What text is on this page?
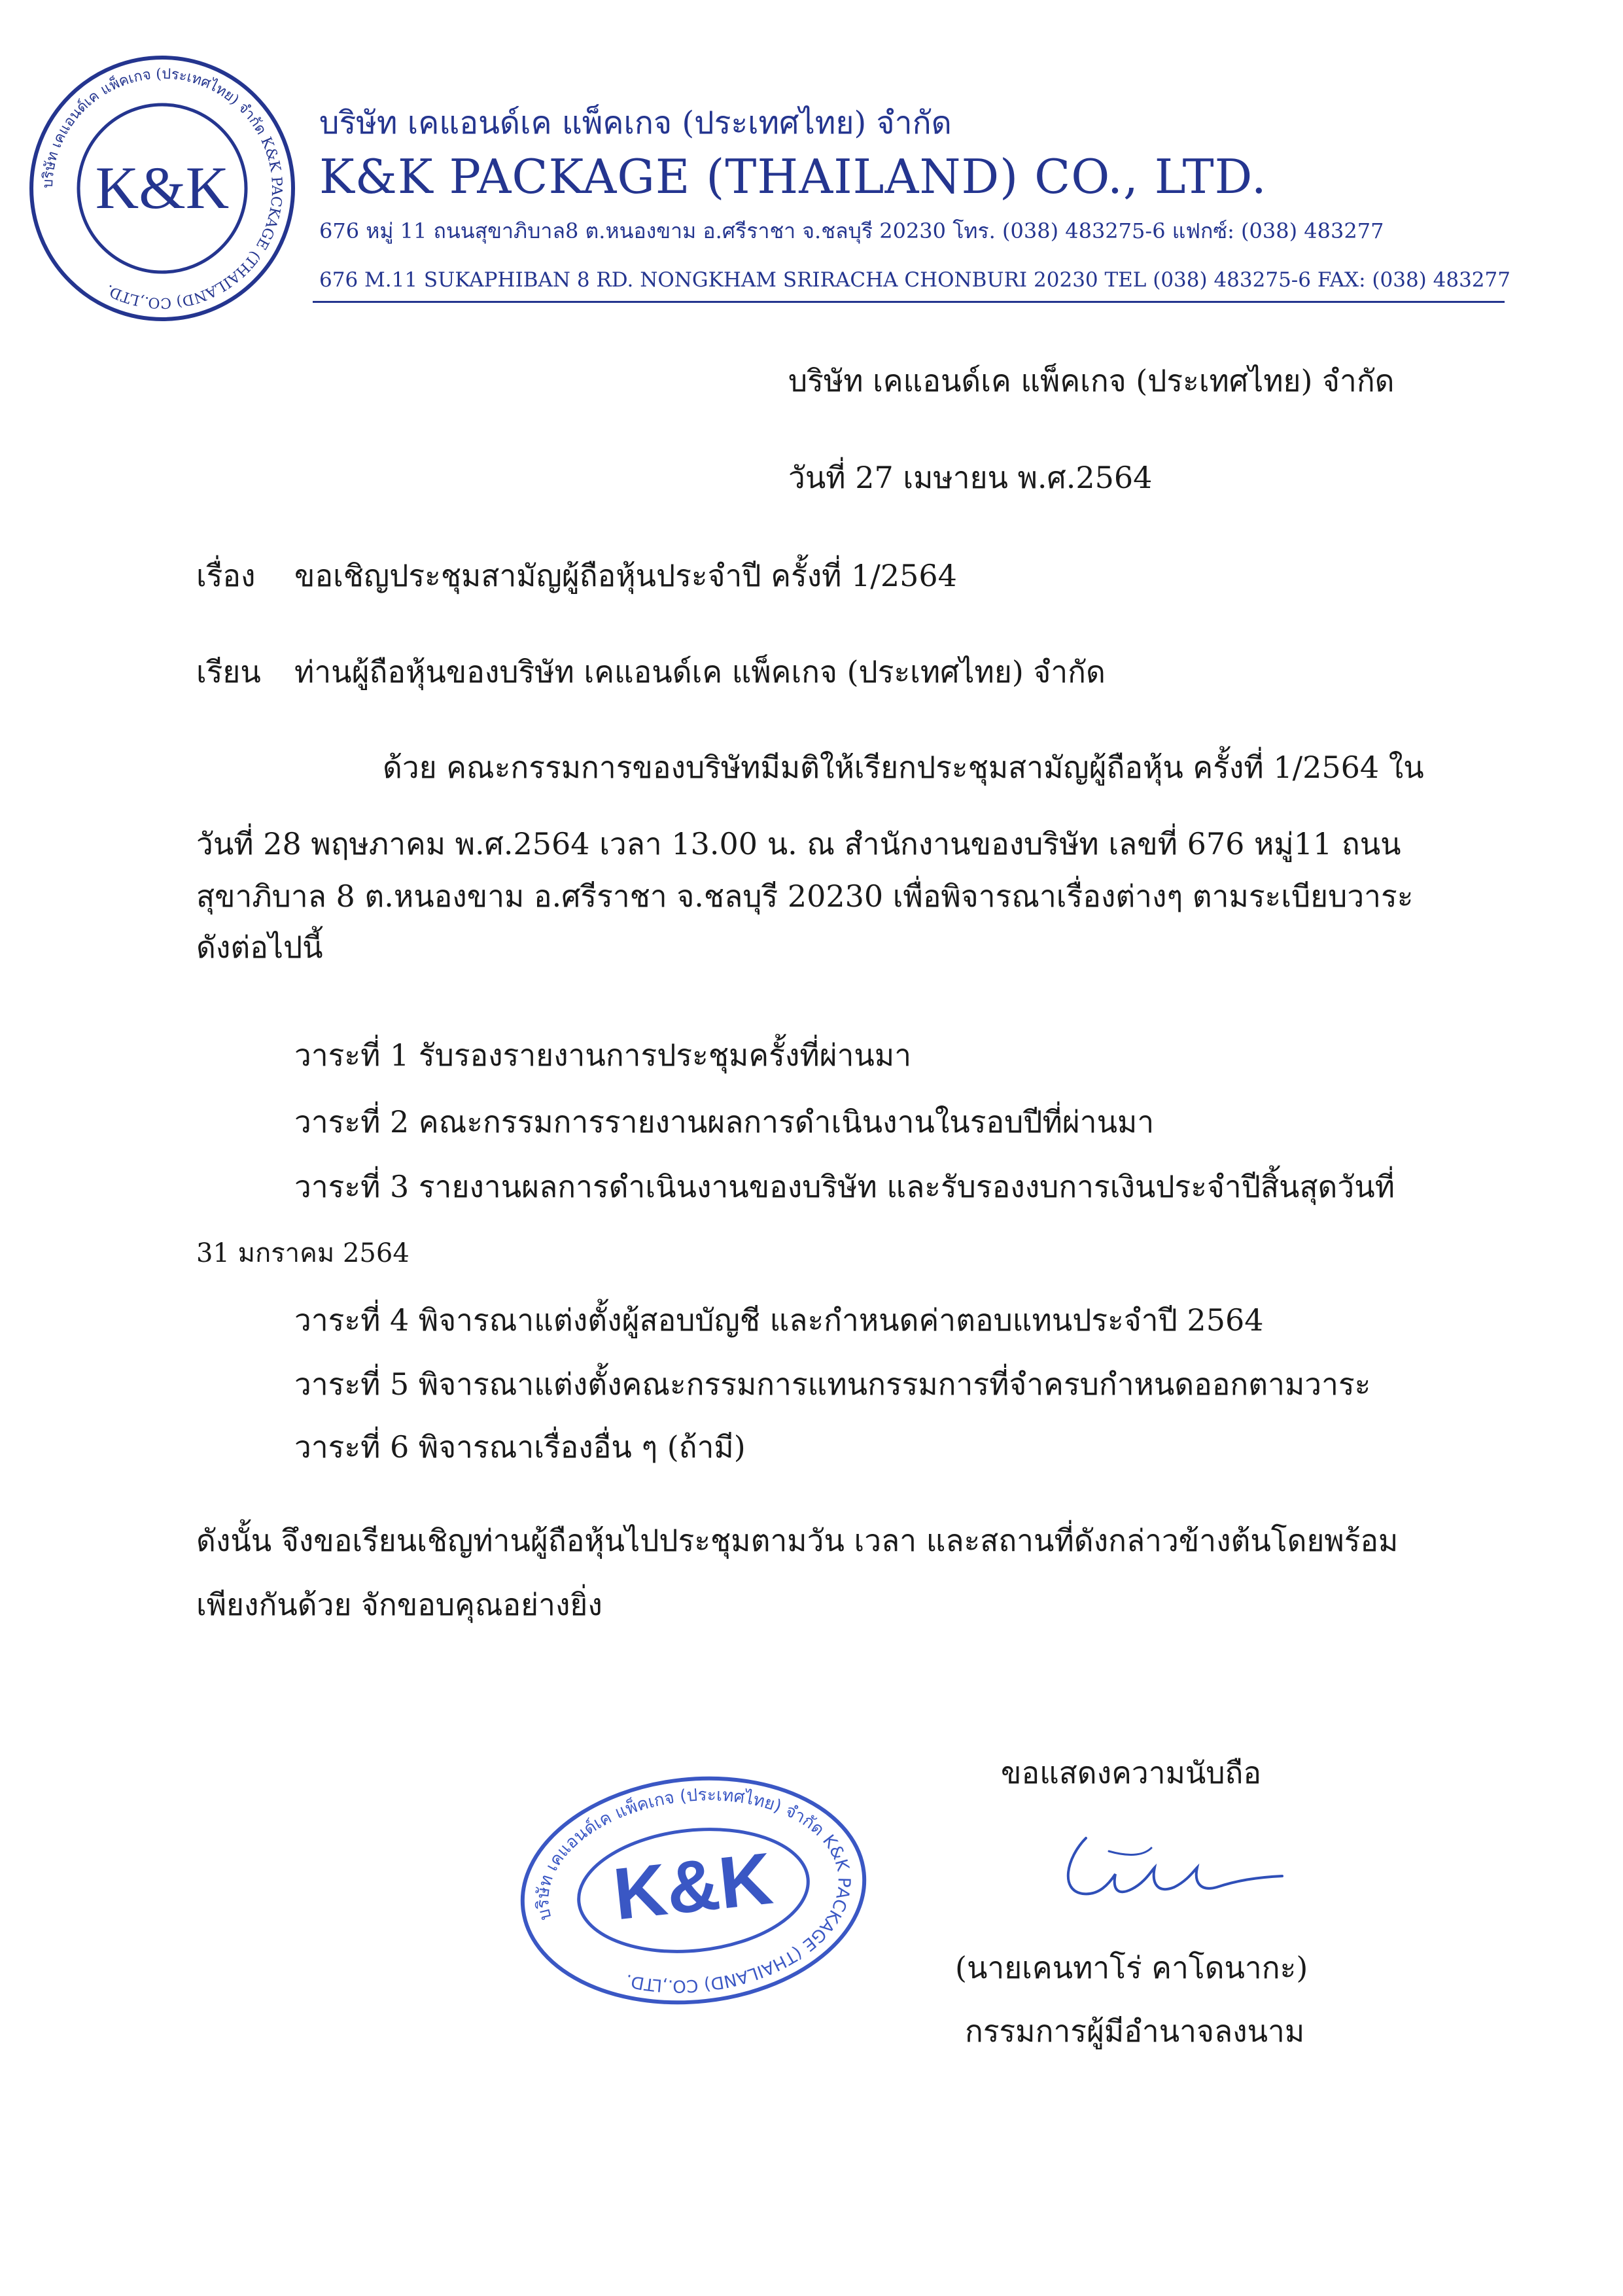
บริษัท เคแอนด์เค แพ็คเกจ (ประเทศไทย) จำกัด K&K PACKAGE (THAILAND) CO.,LTD.
K&K
บริษัท เคแอนด์เค แพ็คเกจ (ประเทศไทย) จำกัด
K&K PACKAGE (THAILAND) CO., LTD.
676 หมู่ 11 ถนนสุขาภิบาล8 ต.หนองขาม อ.ศรีราชา จ.ชลบุรี 20230 โทร. (038) 483275-6 แฟกซ์: (038) 483277
676 M.11 SUKAPHIBAN 8 RD. NONGKHAM SRIRACHA CHONBURI 20230 TEL (038) 483275-6 FAX: (038) 483277
บริษัท เคแอนด์เค แพ็คเกจ (ประเทศไทย) จำกัด
วันที่ 27 เมษายน พ.ศ.2564
เรื่อง ขอเชิญประชุมสามัญผู้ถือหุ้นประจำปี ครั้งที่ 1/2564
เรียน ท่านผู้ถือหุ้นของบริษัท เคแอนด์เค แพ็คเกจ (ประเทศไทย) จำกัด
ด้วย คณะกรรมการของบริษัทมีมติให้เรียกประชุมสามัญผู้ถือหุ้น ครั้งที่ 1/2564 ใน
วันที่ 28 พฤษภาคม พ.ศ.2564 เวลา 13.00 น. ณ สำนักงานของบริษัท เลขที่ 676 หมู่11 ถนน
สุขาภิบาล 8 ต.หนองขาม อ.ศรีราชา จ.ชลบุรี 20230 เพื่อพิจารณาเรื่องต่างๆ ตามระเบียบวาระ
ดังต่อไปนี้
วาระที่ 1 รับรองรายงานการประชุมครั้งที่ผ่านมา
วาระที่ 2 คณะกรรมการรายงานผลการดำเนินงานในรอบปีที่ผ่านมา
วาระที่ 3 รายงานผลการดำเนินงานของบริษัท และรับรองงบการเงินประจำปีสิ้นสุดวันที่
31 มกราคม 2564
วาระที่ 4 พิจารณาแต่งตั้งผู้สอบบัญชี และกำหนดค่าตอบแทนประจำปี 2564
วาระที่ 5 พิจารณาแต่งตั้งคณะกรรมการแทนกรรมการที่จำครบกำหนดออกตามวาระ
วาระที่ 6 พิจารณาเรื่องอื่น ๆ (ถ้ามี)
ดังนั้น จึงขอเรียนเชิญท่านผู้ถือหุ้นไปประชุมตามวัน เวลา และสถานที่ดังกล่าวข้างต้นโดยพร้อม
เพียงกันด้วย จักขอบคุณอย่างยิ่ง
ขอแสดงความนับถือ
(นายเคนทาโร่ คาโดนากะ)
กรรมการผู้มีอำนาจลงนาม
บริษัท เคแอนด์เค แพ็คเกจ (ประเทศไทย) จำกัด K&K PACKAGE (THAILAND) CO.,LTD.
K&K
